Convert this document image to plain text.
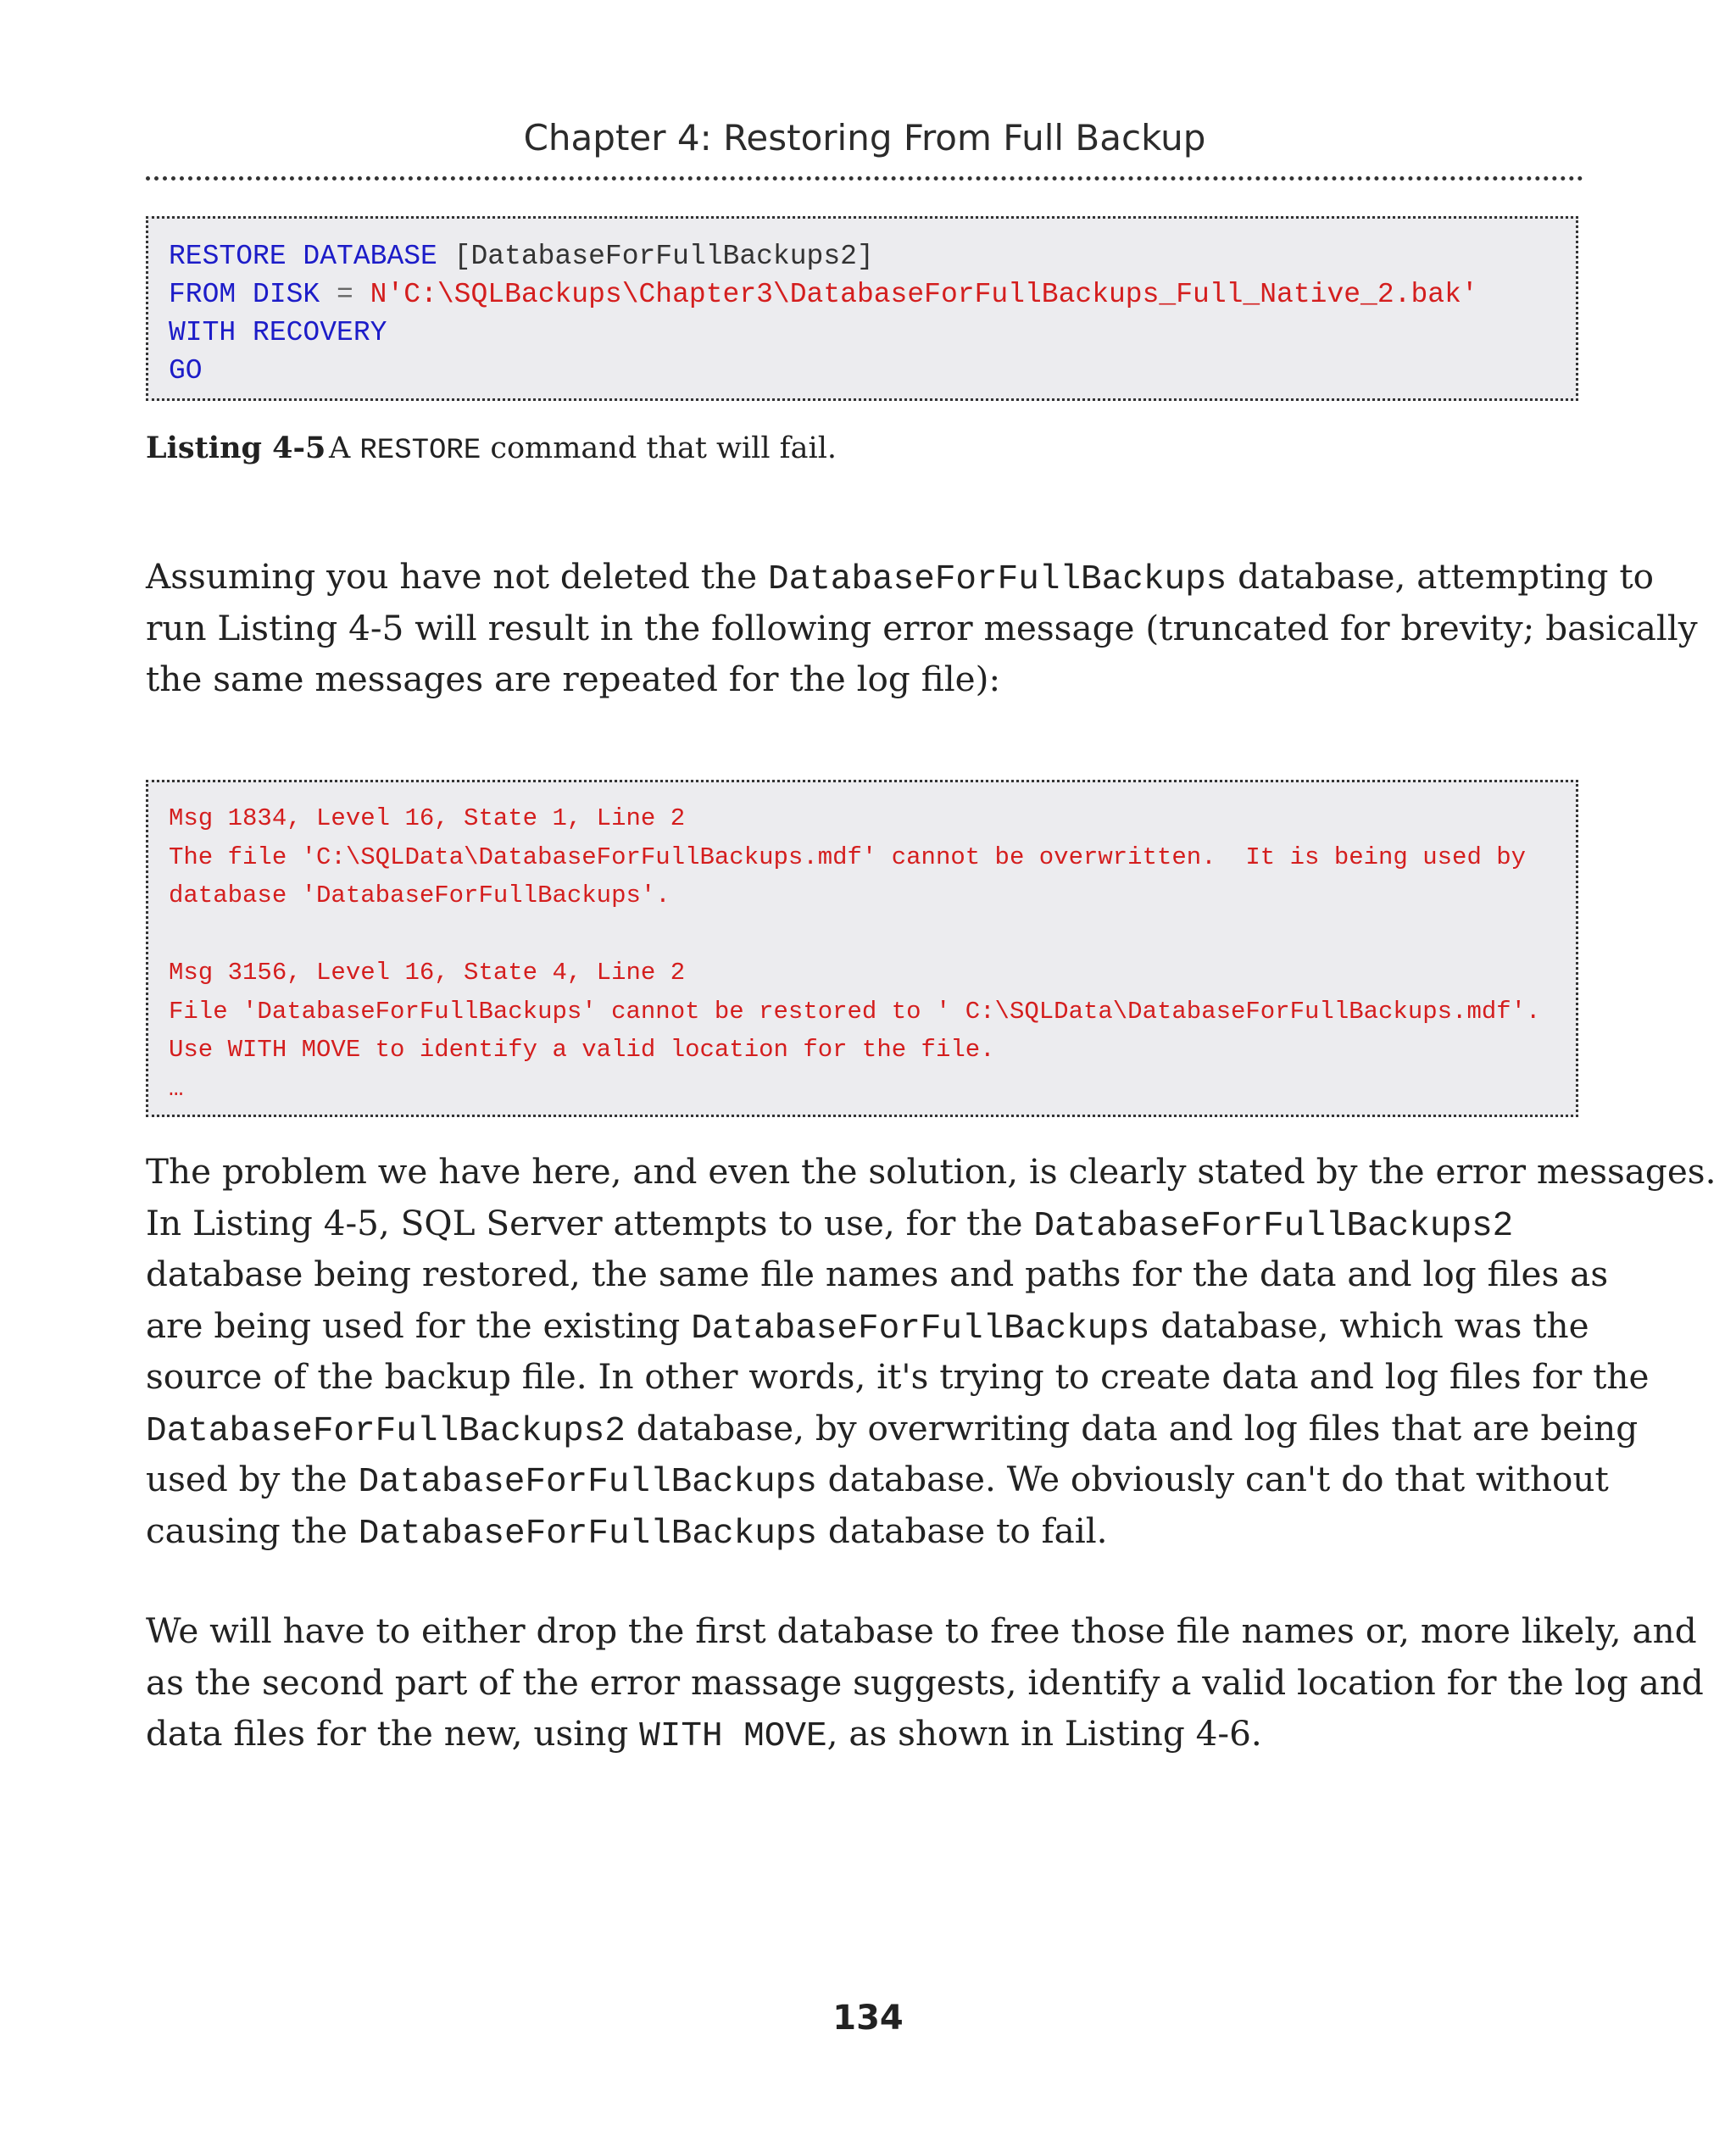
Chapter 4: Restoring From Full Backup
RESTORE DATABASE [DatabaseForFullBackups2]
FROM DISK = N'C:\SQLBackups\Chapter3\DatabaseForFullBackups_Full_Native_2.bak'
WITH RECOVERY
GO
Listing 4-5 A RESTORE command that will fail.
Assuming you have not deleted the DatabaseForFullBackups database, attempting to
run Listing 4-5 will result in the following error message (truncated for brevity; basically
the same messages are repeated for the log file):
Msg 1834, Level 16, State 1, Line 2
The file 'C:\SQLData\DatabaseForFullBackups.mdf' cannot be overwritten.  It is being used by
database 'DatabaseForFullBackups'.
Msg 3156, Level 16, State 4, Line 2
File 'DatabaseForFullBackups' cannot be restored to ' C:\SQLData\DatabaseForFullBackups.mdf'.
Use WITH MOVE to identify a valid location for the file.
…
The problem we have here, and even the solution, is clearly stated by the error messages.
In Listing 4-5, SQL Server attempts to use, for the DatabaseForFullBackups2
database being restored, the same file names and paths for the data and log files as
are being used for the existing DatabaseForFullBackups database, which was the
source of the backup file. In other words, it's trying to create data and log files for the
DatabaseForFullBackups2 database, by overwriting data and log files that are being
used by the DatabaseForFullBackups database. We obviously can't do that without
causing the DatabaseForFullBackups database to fail.
We will have to either drop the first database to free those file names or, more likely, and
as the second part of the error massage suggests, identify a valid location for the log and
data files for the new, using WITH MOVE, as shown in Listing 4-6.
134
